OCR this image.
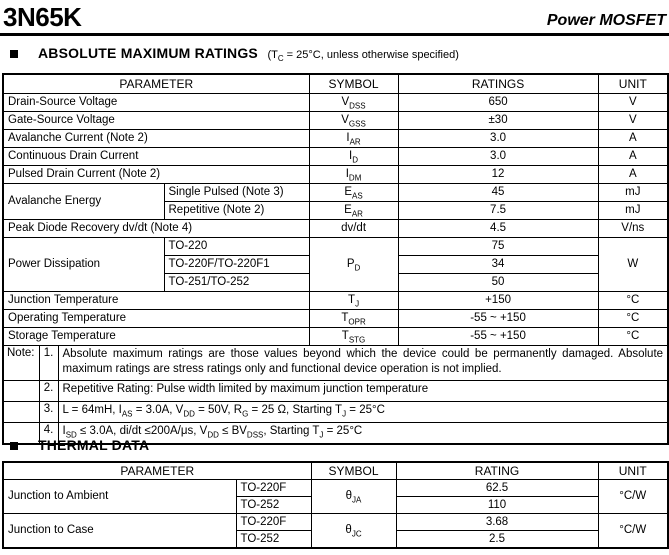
3N65K	Power MOSFET
ABSOLUTE MAXIMUM RATINGS ($T_C = 25^\circ C$, unless otherwise specified)
PARAMETER				SYMBOL	RATINGS	UNIT
Drain-Source Voltage				$V_{DSS}$	650	V
Gate-Source Voltage				$V_{GSS}$	±30	V
Avalanche Current (Note 2)				$I_{AR}$	3.0	A
Continuous Drain Current				$I_D$	3.0	A
Pulsed Drain Current (Note 2)				$I_{DM}$	12	A
Avalanche Energy			Single Pulsed (Note 3)	$E_{AS}$	45	mJ
			Repetitive (Note 2)	$E_{AR}$	7.5	mJ
Peak Diode Recovery dv/dt (Note 4)				dv/dt	4.5	V/ns
Power Dissipation			TO-220	$P_D$	75	W
			TO-220F/TO-220F1		34	
			TO-251/TO-252		50	
Junction Temperature				$T_J$	+150	°C
Operating Temperature				$T_{OPR}$	-55 ~ +150	°C
Storage Temperature				$T_{STG}$	-55 ~ +150	°C
Note:	1.	Absolute maximum ratings are those values beyond which the device could be permanently damaged. Absolute maximum ratings are stress ratings only and functional device operation is not implied.				
	2.	Repetitive Rating: Pulse width limited by maximum junction temperature				
	3.	L = 64mH, $I_{AS} = 3.0A$, $V_{DD} = 50V$, $R_G = 25$ Ω, Starting $T_J = 25^\circ C$				
	4.	$I_{SD} \le 3.0A$, di/dt ≤200A/μs, $V_{DD} \le BV_{DSS}$, Starting $T_J = 25^\circ C$				
THERMAL DATA
PARAMETER		SYMBOL	RATING	UNIT
Junction to Ambient	TO-220F	$\theta_{JA}$	62.5	°C/W
	TO-252		110	
Junction to Case	TO-220F	$\theta_{JC}$	3.68	°C/W
	TO-252		2.5	
